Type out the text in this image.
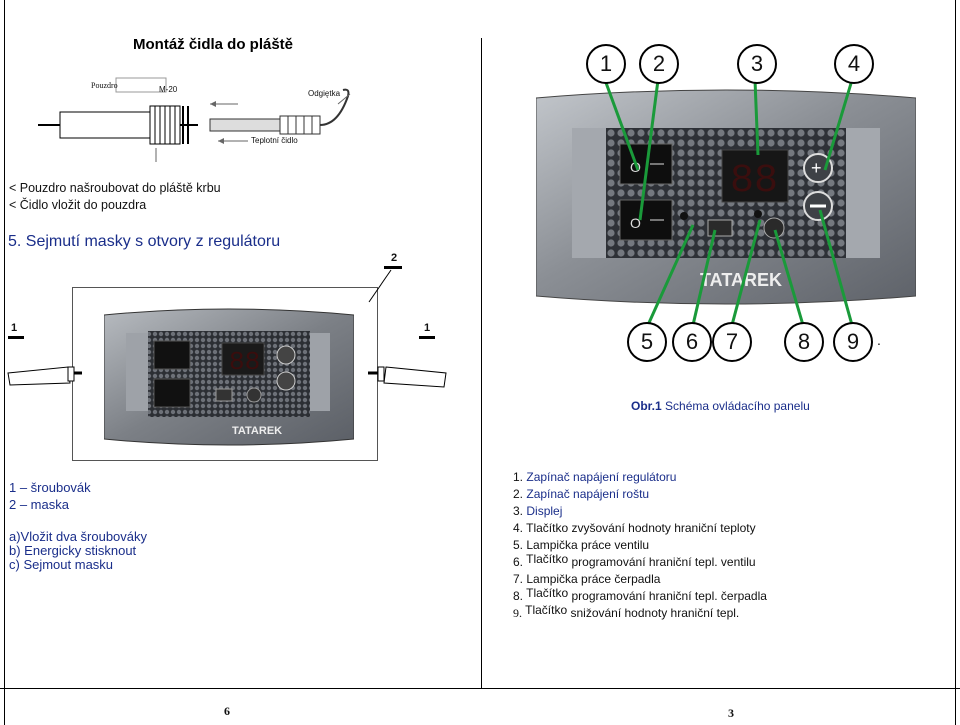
Montáž čidla do pláště
Pouzdro	M-20	Odgiętka
Teplotní čidlo
< Pouzdro našroubovat do pláště krbu
< Čidlo vložit do pouzdra
5. Sejmutí masky s otvory z regulátoru
2
1	1
88
TATAREK
1 – šroubovák
2 – maska
a)Vložit dva šroubováky
b) Energicky stisknout
c) Sejmout masku
6
O
O
88 +
TATAREK
1	2	3	4
5	6	7	8	9	.
Obr.1 Schéma ovládacího panelu
1. Zapínač napájení regulátoru
2. Zapínač napájení roštu
3. Displej
4. Tlačítko zvyšování hodnoty hraniční teploty
5. Lampička práce ventilu
6. Tlačítko programování hraniční tepl. ventilu
7. Lampička práce čerpadla
8. Tlačítko programování hraniční tepl. čerpadla
9. Tlačítko snižování hodnoty hraniční tepl.
3
